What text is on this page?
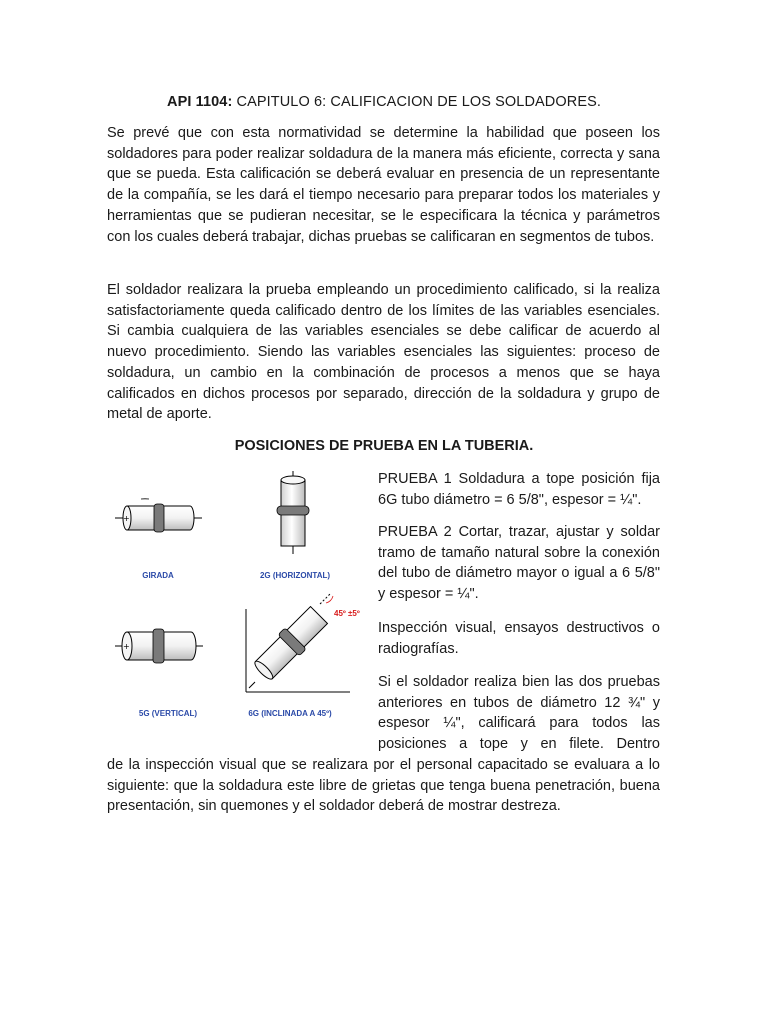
API 1104: CAPITULO 6: CALIFICACION DE LOS SOLDADORES.

Se prevé que con esta normatividad se determine la habilidad que poseen los soldadores para poder realizar soldadura de la manera más eficiente, correcta y sana que se pueda. Esta calificación se deberá evaluar en presencia de un representante de la compañía, se les dará el tiempo necesario para preparar todos los materiales y herramientas que se pudieran necesitar, se le especificara la técnica y parámetros con los cuales deberá trabajar, dichas pruebas se calificaran en segmentos de tubos.

El soldador realizara la prueba empleando un procedimiento calificado, si la realiza satisfactoriamente queda calificado dentro de los límites de las variables esenciales. Si cambia cualquiera de las variables esenciales se debe calificar de acuerdo al nuevo procedimiento. Siendo las variables esenciales las siguientes: proceso de soldadura, un cambio en la combinación de procesos a menos que se haya calificados en dichos procesos por separado, dirección de la soldadura y grupo de metal de aporte.

POSICIONES DE PRUEBA EN LA TUBERIA.
+
GIRADA	2G (HORIZONTAL)
+
5G (VERTICAL)
45º ±5º
6G (INCLINADA A 45º)

PRUEBA 1 Soldadura a tope posición fija 6G tubo diámetro = 6 5/8", espesor = ¼".

PRUEBA 2 Cortar, trazar, ajustar y soldar tramo de tamaño natural sobre la conexión del tubo de diámetro mayor o igual a 6 5/8" y espesor = ¼".

Inspección visual, ensayos destructivos o radiografías.

Si el soldador realiza bien las dos pruebas anteriores en tubos de diámetro 12 ¾" y espesor ¼", calificará para todos las posiciones a tope y en filete. Dentro

de la inspección visual que se realizara por el personal capacitado se evaluara a lo siguiente: que la soldadura este libre de grietas que tenga buena penetración, buena presentación, sin quemones y el soldador deberá de mostrar destreza.
